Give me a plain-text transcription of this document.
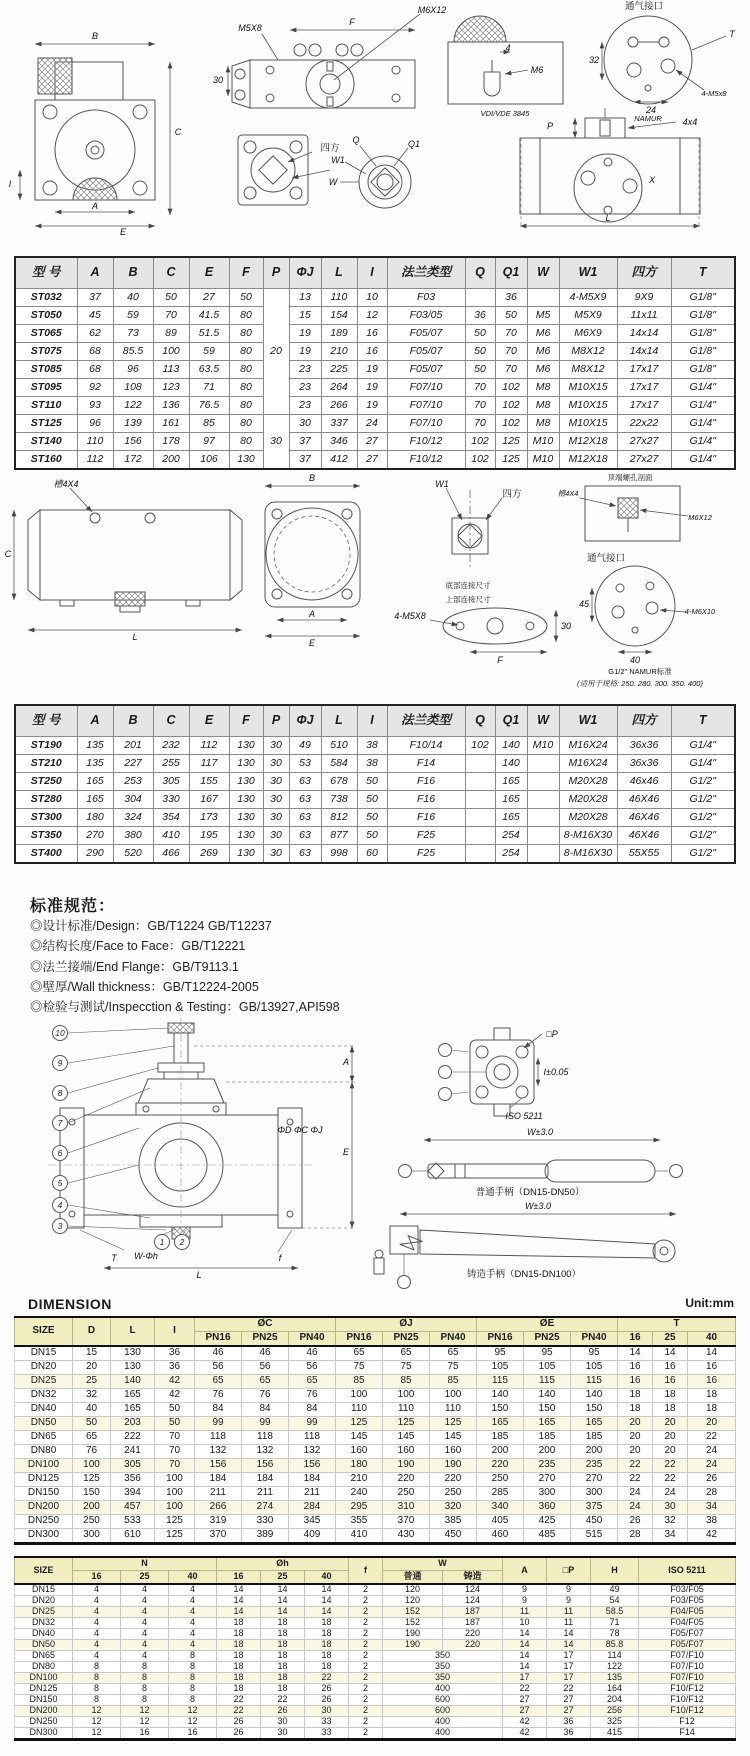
B
C
I
A
E
M5X8
F
M6X12
30
四方
Q	Q1
W1
W
VDI/VDE 3845
M6
4
通气接口
T
32
24
NAMUR
4-M5x8
4x4
P
X
L
型 号	A	B	C	E	F	P	ΦJ	L	I	法兰类型	Q	Q1	W	W1	四方	T
ST032	37	40	50	27	50	20	13	110	10	F03		36		4-M5X9	9X9	G1/8"
ST050	45	59	70	41.5	80		15	154	12	F03/05	36	50	M5	M5X9	11x11	G1/8"
ST065	62	73	89	51.5	80		19	189	16	F05/07	50	70	M6	M6X9	14x14	G1/8"
ST075	68	85.5	100	59	80		19	210	16	F05/07	50	70	M6	M8X12	14x14	G1/8"
ST085	68	96	113	63.5	80		23	225	19	F05/07	50	70	M6	M8X12	17x17	G1/8"
ST095	92	108	123	71	80		23	264	19	F07/10	70	102	M8	M10X15	17x17	G1/4"
ST110	93	122	136	76.5	80		23	266	19	F07/10	70	102	M8	M10X15	17x17	G1/4"
ST125	96	139	161	85	80	30	30	337	24	F07/10	70	102	M8	M10X15	22x22	G1/4"
ST140	110	156	178	97	80		37	346	27	F10/12	102	125	M10	M12X18	27x27	G1/4"
ST160	112	172	200	106	130		37	412	27	F10/12	102	125	M10	M12X18	27x27	G1/4"
槽4X4
L
C
B
A
E
W1
四方
底部连接尺寸
上部连接尺寸
4-M5X8
F
30
顶端螺孔剖面
槽4X4
M6X12
通气接口
45
4-M6X10
40
G1/2" NAMUR标准
(适用于规格: 250. 280. 300. 350. 400)
型 号	A	B	C	E	F	P	ΦJ	L	I	法兰类型	Q	Q1	W	W1	四方	T
ST190	135	201	232	112	130	30	49	510	38	F10/14	102	140	M10	M16X24	36x36	G1/4"
ST210	135	227	255	117	130	30	53	584	38	F14		140		M16X24	36x36	G1/4"
ST250	165	253	305	155	130	30	63	678	50	F16		165		M20X28	46x46	G1/2"
ST280	165	304	330	167	130	30	63	738	50	F16		165		M20X28	46X46	G1/2"
ST300	180	324	354	173	130	30	63	812	50	F16		165		M20X28	46X46	G1/2"
ST350	270	380	410	195	130	30	63	877	50	F25		254		8-M16X30	46X46	G1/2"
ST400	290	520	466	269	130	30	63	998	60	F25		254		8-M16X30	55X55	G1/2"
标准规范：
◎设计标准/Design：GB/T1224 GB/T12237
◎结构长度/Face to Face：GB/T12221
◎法兰接端/End Flange：GB/T9113.1
◎壁厚/Wall thickness：GB/T12224-2005
◎检验与测试/Inspecction & Testing：GB/13927,API598
A
E
ΦD ΦC ΦJ
T W-Φh
L
f
□P
I±0.05
ISO 5211
W±3.0
普通手柄（DN15-DN50）
W±3.0
铸造手柄（DN15-DN100）
10
9
8
7
6
5
4
3
1	2
DIMENSION	Unit:mm
SIZE	D	L	I	ØC			ØJ			ØE			T		
				PN16	PN25	PN40	PN16	PN25	PN40	PN16	PN25	PN40	16	25	40
DN15	15	130	36	46	46	46	65	65	65	95	95	95	14	14	14
DN20	20	130	36	56	56	56	75	75	75	105	105	105	16	16	16
DN25	25	140	42	65	65	65	85	85	85	115	115	115	16	16	16
DN32	32	165	42	76	76	76	100	100	100	140	140	140	18	18	18
DN40	40	165	50	84	84	84	110	110	110	150	150	150	18	18	18
DN50	50	203	50	99	99	99	125	125	125	165	165	165	20	20	20
DN65	65	222	70	118	118	118	145	145	145	185	185	185	20	20	22
DN80	76	241	70	132	132	132	160	160	160	200	200	200	20	20	24
DN100	100	305	70	156	156	156	180	190	190	220	235	235	22	22	24
DN125	125	356	100	184	184	184	210	220	220	250	270	270	22	22	26
DN150	150	394	100	211	211	211	240	250	250	285	300	300	24	24	28
DN200	200	457	100	266	274	284	295	310	320	340	360	375	24	30	34
DN250	250	533	125	319	330	345	355	370	385	405	425	450	26	32	38
DN300	300	610	125	370	389	409	410	430	450	460	485	515	28	34	42
SIZE	N			Øh			f	W		A	□P	H	ISO 5211
	16	25	40	16	25	40		普通	铸造				
DN15	4	4	4	14	14	14	2	120	124	9	9	49	F03/F05
DN20	4	4	4	14	14	14	2	120	124	9	9	54	F03/F05
DN25	4	4	4	14	14	14	2	152	187	11	11	58.5	F04/F05
DN32	4	4	4	18	18	18	2	152	187	10	11	71	F04/F05
DN40	4	4	4	18	18	18	2	190	220	14	14	78	F05/F07
DN50	4	4	4	18	18	18	2	190	220	14	14	85.8	F05/F07
DN65	4	4	8	18	18	18	2	350		14	17	114	F07/F10
DN80	8	8	8	18	18	18	2	350		14	17	122	F07/F10
DN100	8	8	8	18	18	22	2	350		17	17	135	F07/F10
DN125	8	8	8	18	18	26	2	400		22	22	164	F10/F12
DN150	8	8	8	22	22	26	2	600		27	27	204	F10/F12
DN200	12	12	12	22	26	30	2	600		27	27	256	F10/F12
DN250	12	12	12	26	30	33	2	400		42	36	325	F12
DN300	12	16	16	26	30	33	2	400		42	36	415	F14
